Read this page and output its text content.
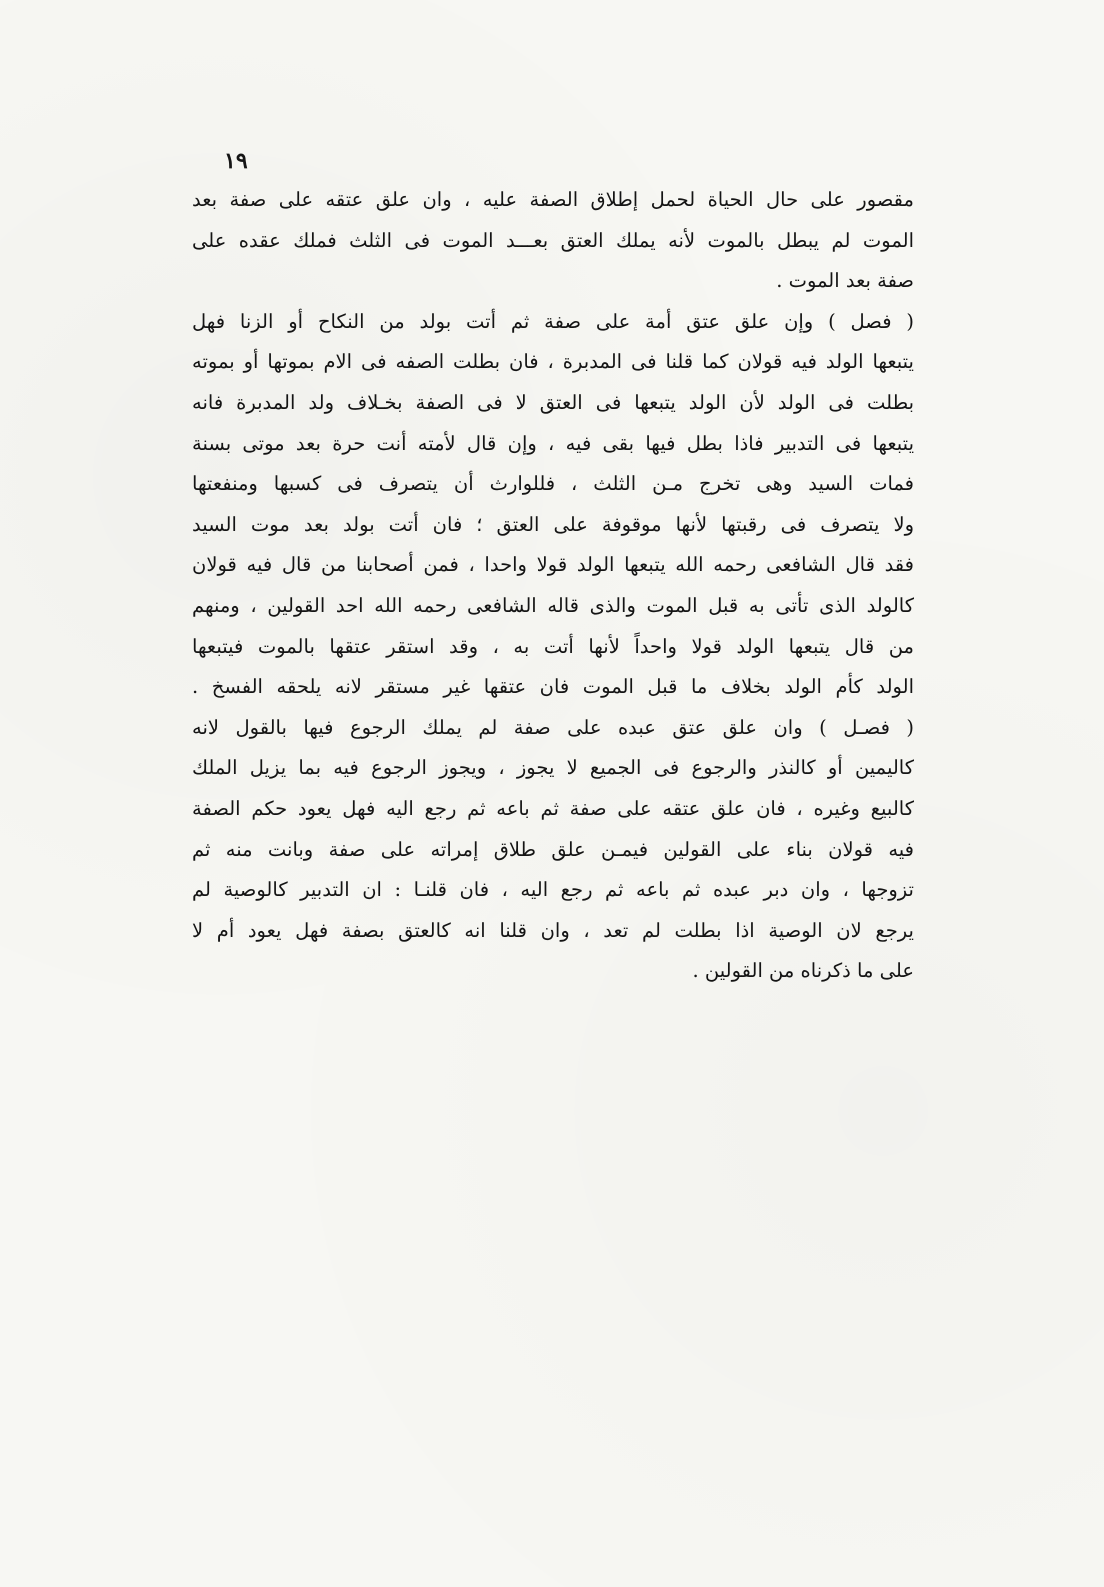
١٩
مقصور على حال الحياة لحمل إطلاق الصفة عليه ، وان علق عتقه على صفة بعد
الموت لم يبطل بالموت لأنه يملك العتق بعـــد الموت فى الثلث فملك عقده على
صفة بعد الموت .
( فصل ) وإن علق عتق أمة على صفة ثم أتت بولد من النكاح أو الزنا فهل
يتبعها الولد فيه قولان كما قلنا فى المدبرة ، فان بطلت الصفه فى الام بموتها أو بموته
بطلت فى الولد لأن الولد يتبعها فى العتق لا فى الصفة بخـلاف ولد المدبرة فانه
يتبعها فى التدبير فاذا بطل فيها بقى فيه ، وإن قال لأمته أنت حرة بعد موتى بسنة
فمات السيد وهى تخرج مـن الثلث ، فللوارث أن يتصرف فى كسبها ومنفعتها
ولا يتصرف فى رقبتها لأنها موقوفة على العتق ؛ فان أتت بولد بعد موت السيد
فقد قال الشافعى رحمه الله يتبعها الولد قولا واحدا ، فمن أصحابنا من قال فيه قولان
كالولد الذى تأتى به قبل الموت والذى قاله الشافعى رحمه الله احد القولين ، ومنهم
من قال يتبعها الولد قولا واحداً لأنها أتت به ، وقد استقر عتقها بالموت فيتبعها
الولد كأم الولد بخلاف ما قبل الموت فان عتقها غير مستقر لانه يلحقه الفسخ .
( فصـل ) وان علق عتق عبده على صفة لم يملك الرجوع فيها بالقول لانه
كاليمين أو كالنذر والرجوع فى الجميع لا يجوز ، ويجوز الرجوع فيه بما يزيل الملك
كالبيع وغيره ، فان علق عتقه على صفة ثم باعه ثم رجع اليه فهل يعود حكم الصفة
فيه قولان بناء على القولين فيمـن علق طلاق إمراته على صفة وبانت منه ثم
تزوجها ، وان دبر عبده ثم باعه ثم رجع اليه ، فان قلنـا : ان التدبير كالوصية لم
يرجع لان الوصية اذا بطلت لم تعد ، وان قلنا انه كالعتق بصفة فهل يعود أم لا
على ما ذكرناه من القولين .
